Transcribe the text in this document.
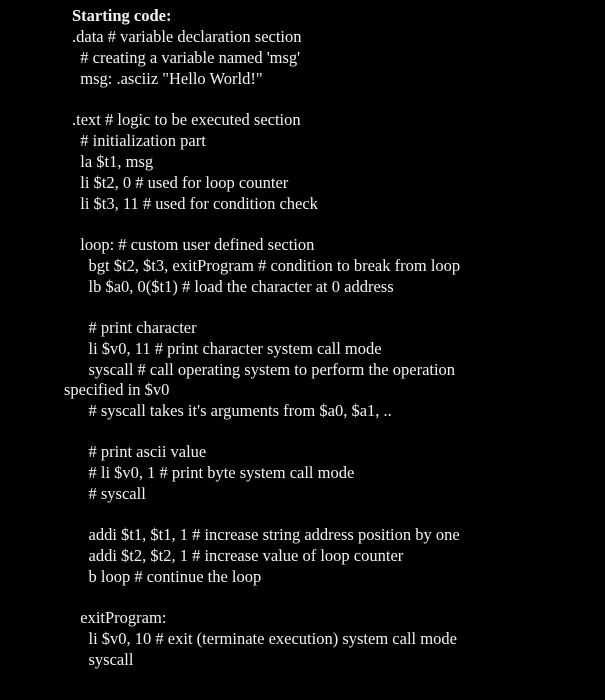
Starting code:
.data # variable declaration section
# creating a variable named 'msg'
msg: .asciiz "Hello World!"
.text # logic to be executed section
# initialization part
la $t1, msg
li $t2, 0 # used for loop counter
li $t3, 11 # used for condition check
loop: # custom user defined section
bgt $t2, $t3, exitProgram # condition to break from loop
lb $a0, 0($t1) # load the character at 0 address
# print character
li $v0, 11 # print character system call mode
syscall # call operating system to perform the operation
specified in $v0
# syscall takes it's arguments from $a0, $a1, ..
# print ascii value
# li $v0, 1 # print byte system call mode
# syscall
addi $t1, $t1, 1 # increase string address position by one
addi $t2, $t2, 1 # increase value of loop counter
b loop # continue the loop
exitProgram:
li $v0, 10 # exit (terminate execution) system call mode
syscall
